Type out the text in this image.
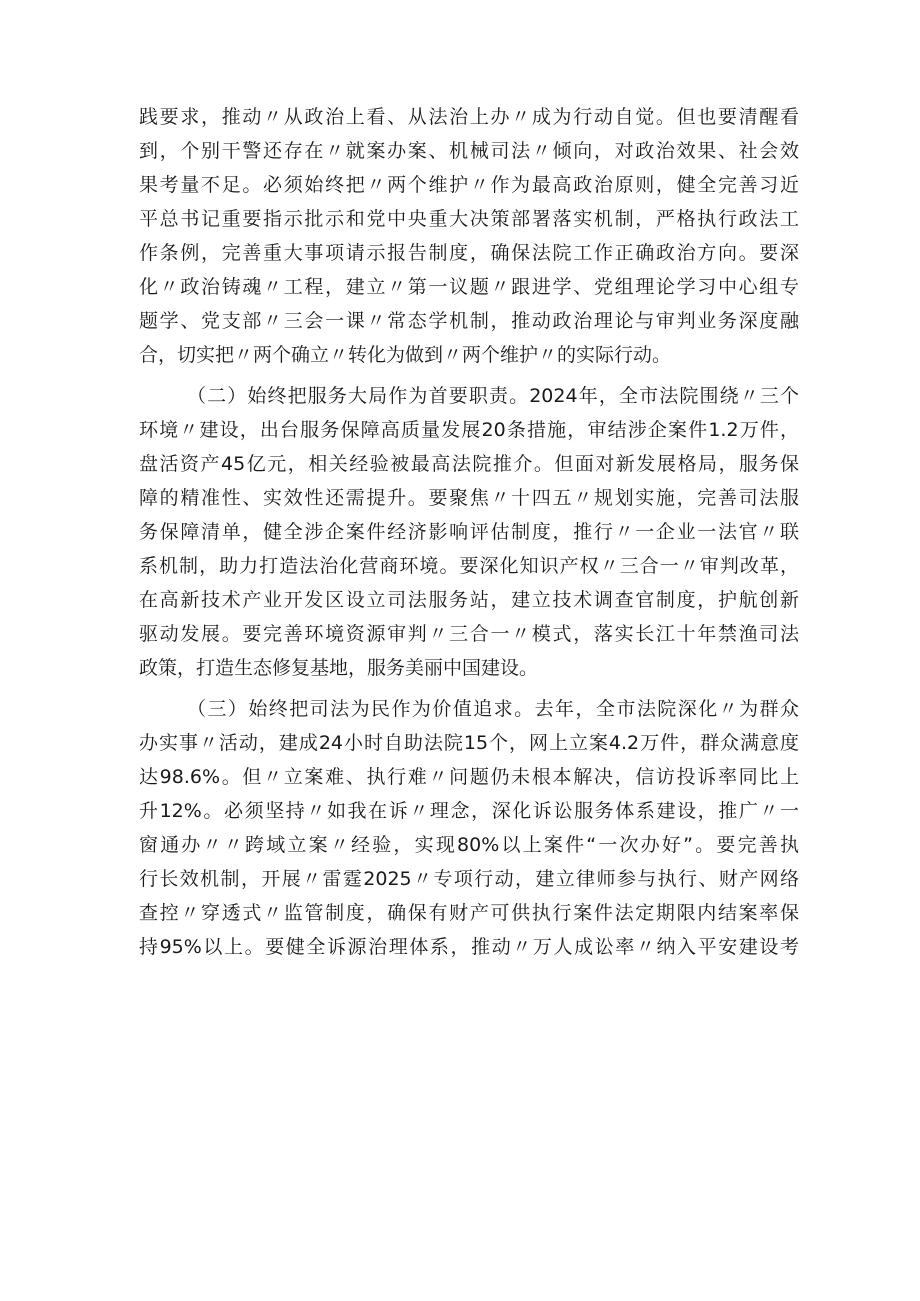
践要求，推动〃从政治上看、从法治上办〃成为行动自觉。但也要清醒看
到，个别干警还存在〃就案办案、机械司法〃倾向，对政治效果、社会效
果考量不足。必须始终把〃两个维护〃作为最高政治原则，健全完善习近
平总书记重要指示批示和党中央重大决策部署落实机制，严格执行政法工
作条例，完善重大事项请示报告制度，确保法院工作正确政治方向。要深
化〃政治铸魂〃工程，建立〃第一议题〃跟进学、党组理论学习中心组专
题学、党支部〃三会一课〃常态学机制，推动政治理论与审判业务深度融
合，切实把〃两个确立〃转化为做到〃两个维护〃的实际行动。
（二）始终把服务大局作为首要职责。2024年，全市法院围绕〃三个
环境〃建设，出台服务保障高质量发展20条措施，审结涉企案件1.2万件，
盘活资产45亿元，相关经验被最高法院推介。但面对新发展格局，服务保
障的精准性、实效性还需提升。要聚焦〃十四五〃规划实施，完善司法服
务保障清单，健全涉企案件经济影响评估制度，推行〃一企业一法官〃联
系机制，助力打造法治化营商环境。要深化知识产权〃三合一〃审判改革，
在高新技术产业开发区设立司法服务站，建立技术调查官制度，护航创新
驱动发展。要完善环境资源审判〃三合一〃模式，落实长江十年禁渔司法
政策，打造生态修复基地，服务美丽中国建设。
（三）始终把司法为民作为价值追求。去年，全市法院深化〃为群众
办实事〃活动，建成24小时自助法院15个，网上立案4.2万件，群众满意度
达98.6%。但〃立案难、执行难〃问题仍未根本解决，信访投诉率同比上
升12%。必须坚持〃如我在诉〃理念，深化诉讼服务体系建设，推广〃一
窗通办〃〃跨域立案〃经验，实现80%以上案件“一次办好”。要完善执
行长效机制，开展〃雷霆2025〃专项行动，建立律师参与执行、财产网络
查控〃穿透式〃监管制度，确保有财产可供执行案件法定期限内结案率保
持95%以上。要健全诉源治理体系，推动〃万人成讼率〃纳入平安建设考
